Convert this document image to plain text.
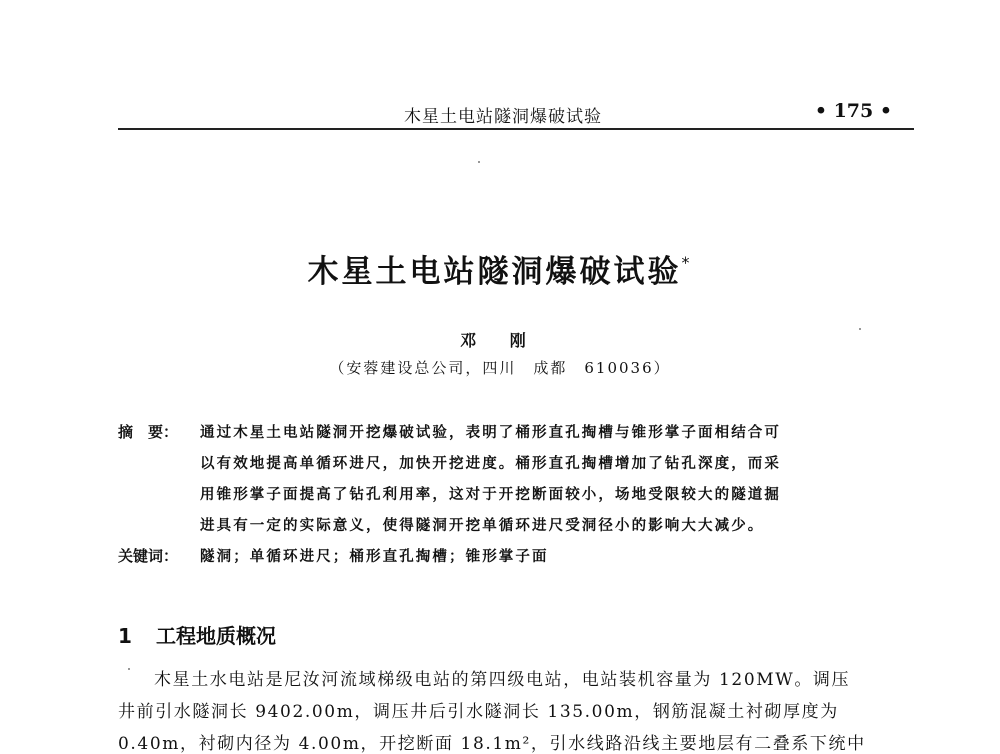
木星土电站隧洞爆破试验	• 175 •
木星土电站隧洞爆破试验*
邓 刚
（安蓉建设总公司，四川　成都　610036）
摘　要： 通过木星土电站隧洞开挖爆破试验，表明了桶形直孔掏槽与锥形掌子面相结合可
以有效地提高单循环进尺，加快开挖进度。桶形直孔掏槽增加了钻孔深度，而采
用锥形掌子面提高了钻孔利用率，这对于开挖断面较小，场地受限较大的隧道掘
进具有一定的实际意义，使得隧洞开挖单循环进尺受洞径小的影响大大减少。
关键词： 隧洞；单循环进尺；桶形直孔掏槽；锥形掌子面
1 工程地质概况
木星土水电站是尼汝河流域梯级电站的第四级电站，电站装机容量为 120MW。调压
井前引水隧洞长 9402.00m，调压井后引水隧洞长 135.00m，钢筋混凝土衬砌厚度为
0.40m，衬砌内径为 4.00m，开挖断面 18.1m²，引水线路沿线主要地层有二叠系下统中
